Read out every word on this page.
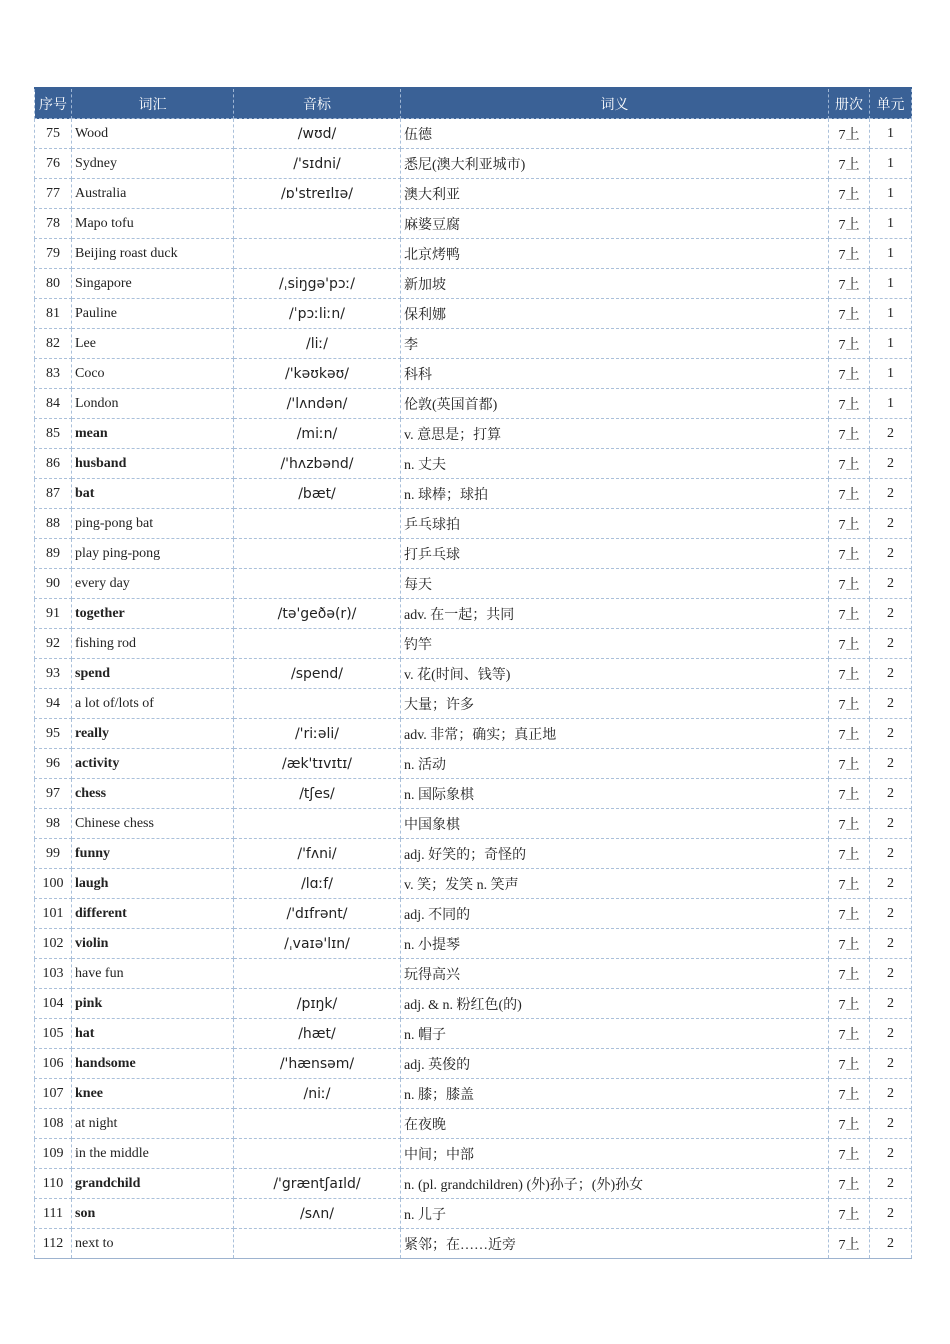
序号	词汇	音标	词义	册次	单元
75	Wood	/wʊd/	伍德	7上	1
76	Sydney	/'sɪdni/	悉尼(澳大利亚城市)	7上	1
77	Australia	/ɒ'streɪlɪə/	澳大利亚	7上	1
78	Mapo tofu		麻婆豆腐	7上	1
79	Beijing roast duck		北京烤鸭	7上	1
80	Singapore	/ˌsiŋgə'pɔː/	新加坡	7上	1
81	Pauline	/ˈpɔːliːn/	保利娜	7上	1
82	Lee	/liː/	李	7上	1
83	Coco	/'kəʊkəʊ/	科科	7上	1
84	London	/'lʌndən/	伦敦(英国首都)	7上	1
85	mean	/miːn/	v. 意思是；打算	7上	2
86	husband	/'hʌzbənd/	n. 丈夫	7上	2
87	bat	/bæt/	n. 球棒；球拍	7上	2
88	ping-pong bat		乒乓球拍	7上	2
89	play ping-pong		打乒乓球	7上	2
90	every day		每天	7上	2
91	together	/tə'geðə(r)/	adv. 在一起；共同	7上	2
92	fishing rod		钓竿	7上	2
93	spend	/spend/	v. 花(时间、钱等)	7上	2
94	a lot of/lots of		大量；许多	7上	2
95	really	/'riːəli/	adv. 非常；确实；真正地	7上	2
96	activity	/æk'tɪvɪtɪ/	n. 活动	7上	2
97	chess	/tʃes/	n. 国际象棋	7上	2
98	Chinese chess		中国象棋	7上	2
99	funny	/'fʌni/	adj. 好笑的；奇怪的	7上	2
100	laugh	/lɑːf/	v. 笑；发笑 n. 笑声	7上	2
101	different	/'dɪfrənt/	adj. 不同的	7上	2
102	violin	/ˌvaɪə'lɪn/	n. 小提琴	7上	2
103	have fun		玩得高兴	7上	2
104	pink	/pɪŋk/	adj. & n. 粉红色(的)	7上	2
105	hat	/hæt/	n. 帽子	7上	2
106	handsome	/'hænsəm/	adj. 英俊的	7上	2
107	knee	/niː/	n. 膝；膝盖	7上	2
108	at night		在夜晚	7上	2
109	in the middle		中间；中部	7上	2
110	grandchild	/'græntʃaɪld/	n. (pl. grandchildren) (外)孙子；(外)孙女	7上	2
111	son	/sʌn/	n. 儿子	7上	2
112	next to		紧邻；在……近旁	7上	2
